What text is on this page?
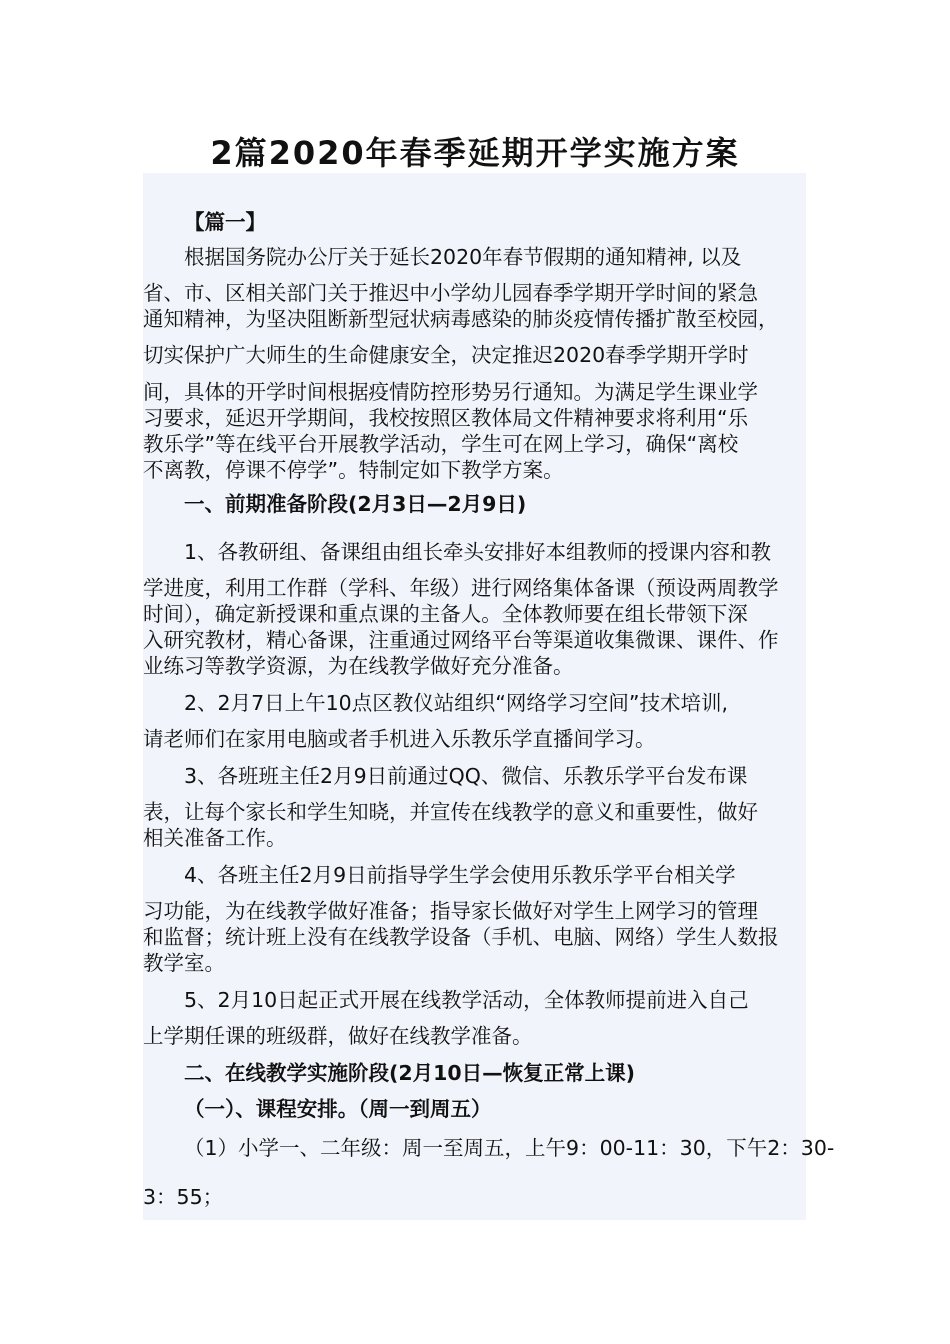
2篇2020年春季延期开学实施方案

【篇一】

根据国务院办公厅关于延长2020年春节假期的通知精神, 以及

省、市、区相关部门关于推迟中小学幼儿园春季学期开学时间的紧急

通知精神，为坚决阻断新型冠状病毒感染的肺炎疫情传播扩散至校园，

切实保护广大师生的生命健康安全，决定推迟2020春季学期开学时

间，具体的开学时间根据疫情防控形势另行通知。为满足学生课业学

习要求，延迟开学期间，我校按照区教体局文件精神要求将利用“乐

教乐学”等在线平台开展教学活动，学生可在网上学习，确保“离校

不离教，停课不停学”。特制定如下教学方案。

一、前期准备阶段(2月3日—2月9日)

1、各教研组、备课组由组长牵头安排好本组教师的授课内容和教

学进度，利用工作群（学科、年级）进行网络集体备课（预设两周教学

时间），确定新授课和重点课的主备人。全体教师要在组长带领下深

入研究教材，精心备课，注重通过网络平台等渠道收集微课、课件、作

业练习等教学资源，为在线教学做好充分准备。

2、2月7日上午10点区教仪站组织“网络学习空间”技术培训,

请老师们在家用电脑或者手机进入乐教乐学直播间学习。

3、各班班主任2月9日前通过QQ、微信、乐教乐学平台发布课

表，让每个家长和学生知晓，并宣传在线教学的意义和重要性，做好

相关准备工作。

4、各班主任2月9日前指导学生学会使用乐教乐学平台相关学

习功能，为在线教学做好准备；指导家长做好对学生上网学习的管理

和监督；统计班上没有在线教学设备（手机、电脑、网络）学生人数报

教学室。

5、2月10日起正式开展在线教学活动，全体教师提前进入自己

上学期任课的班级群，做好在线教学准备。

二、在线教学实施阶段(2月10日—恢复正常上课)

（一）、课程安排。（周一到周五）

（1）小学一、二年级：周一至周五，上午9：00-11：30，下午2：30-

3：55；
